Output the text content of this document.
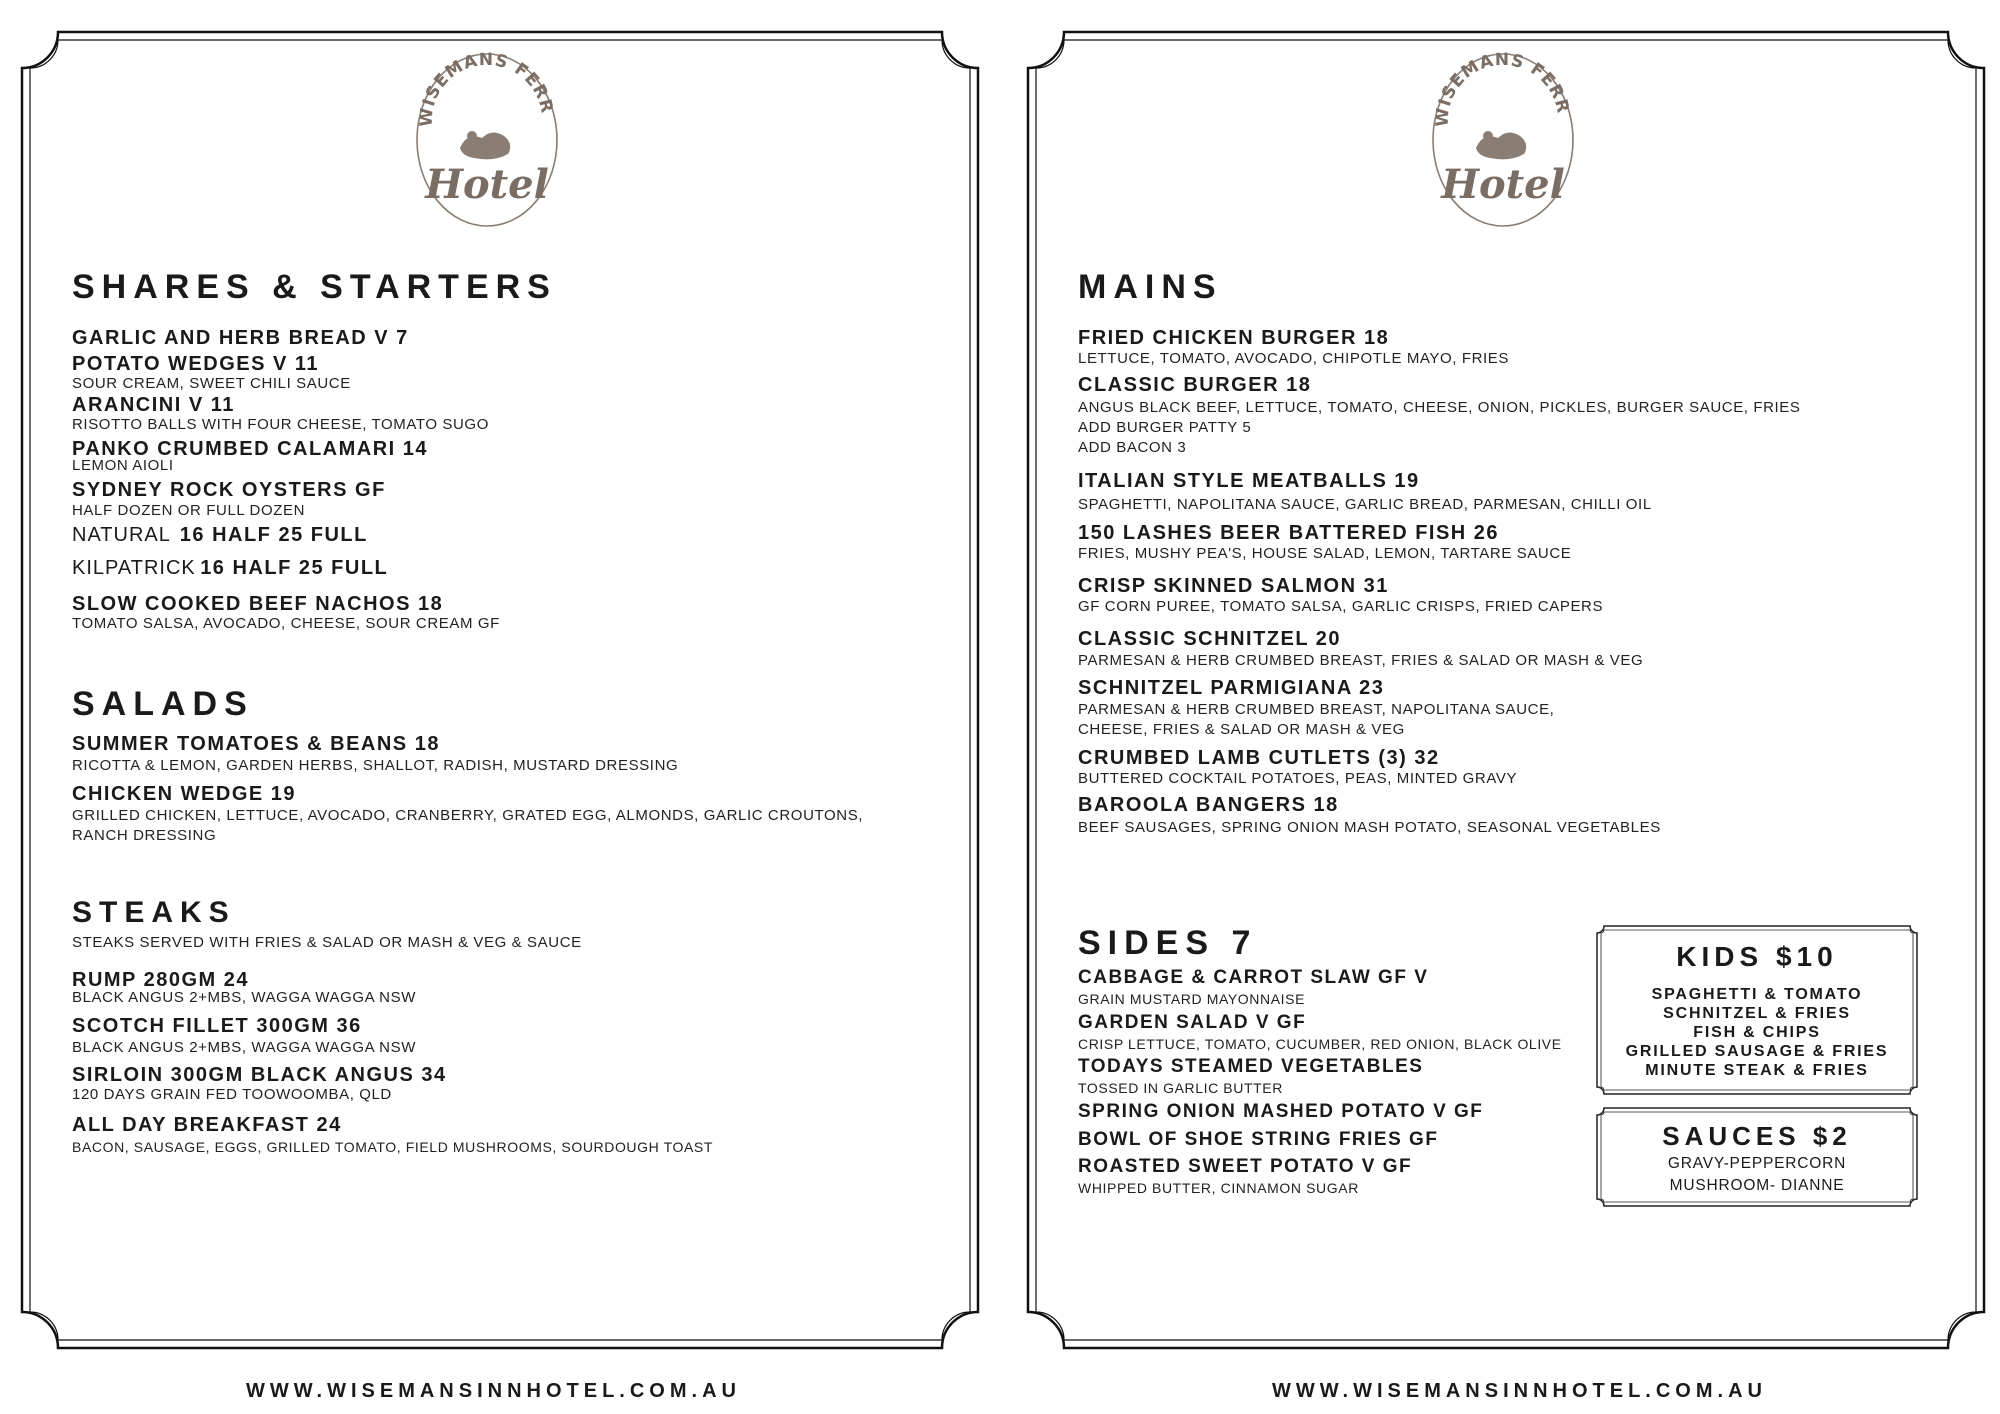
WISEMANS FERR
Hotel
SHARES & STARTERS
GARLIC AND HERB BREAD V 7
POTATO WEDGES V 11
SOUR CREAM, SWEET CHILI SAUCE
ARANCINI V 11
RISOTTO BALLS WITH FOUR CHEESE, TOMATO SUGO
PANKO CRUMBED CALAMARI 14
LEMON AIOLI
SYDNEY ROCK OYSTERS GF
HALF DOZEN OR FULL DOZEN
NATURAL 16 HALF 25 FULL
KILPATRICK 16 HALF 25 FULL
SLOW COOKED BEEF NACHOS 18
TOMATO SALSA, AVOCADO, CHEESE, SOUR CREAM GF
SALADS
SUMMER TOMATOES & BEANS 18
RICOTTA & LEMON, GARDEN HERBS, SHALLOT, RADISH, MUSTARD DRESSING
CHICKEN WEDGE 19
GRILLED CHICKEN, LETTUCE, AVOCADO, CRANBERRY, GRATED EGG, ALMONDS, GARLIC CROUTONS,
RANCH DRESSING
STEAKS
STEAKS SERVED WITH FRIES & SALAD OR MASH & VEG & SAUCE
RUMP 280GM 24
BLACK ANGUS 2+MBS, WAGGA WAGGA NSW
SCOTCH FILLET 300GM 36
BLACK ANGUS 2+MBS, WAGGA WAGGA NSW
SIRLOIN 300GM BLACK ANGUS 34
120 DAYS GRAIN FED TOOWOOMBA, QLD
ALL DAY BREAKFAST 24
BACON, SAUSAGE, EGGS, GRILLED TOMATO, FIELD MUSHROOMS, SOURDOUGH TOAST
WISEMANS FERR
Hotel
MAINS
FRIED CHICKEN BURGER 18
LETTUCE, TOMATO, AVOCADO, CHIPOTLE MAYO, FRIES
CLASSIC BURGER 18
ANGUS BLACK BEEF, LETTUCE, TOMATO, CHEESE, ONION, PICKLES, BURGER SAUCE, FRIES
ADD BURGER PATTY 5
ADD BACON 3
ITALIAN STYLE MEATBALLS 19
SPAGHETTI, NAPOLITANA SAUCE, GARLIC BREAD, PARMESAN, CHILLI OIL
150 LASHES BEER BATTERED FISH 26
FRIES, MUSHY PEA'S, HOUSE SALAD, LEMON, TARTARE SAUCE
CRISP SKINNED SALMON 31
GF CORN PUREE, TOMATO SALSA, GARLIC CRISPS, FRIED CAPERS
CLASSIC SCHNITZEL 20
PARMESAN & HERB CRUMBED BREAST, FRIES & SALAD OR MASH & VEG
SCHNITZEL PARMIGIANA 23
PARMESAN & HERB CRUMBED BREAST, NAPOLITANA SAUCE,
CHEESE, FRIES & SALAD OR MASH & VEG
CRUMBED LAMB CUTLETS (3) 32
BUTTERED COCKTAIL POTATOES, PEAS, MINTED GRAVY
BAROOLA BANGERS 18
BEEF SAUSAGES, SPRING ONION MASH POTATO, SEASONAL VEGETABLES
SIDES 7
CABBAGE & CARROT SLAW GF V
GRAIN MUSTARD MAYONNAISE
GARDEN SALAD V GF
CRISP LETTUCE, TOMATO, CUCUMBER, RED ONION, BLACK OLIVE
TODAYS STEAMED VEGETABLES
TOSSED IN GARLIC BUTTER
SPRING ONION MASHED POTATO V GF
BOWL OF SHOE STRING FRIES GF
ROASTED SWEET POTATO V GF
WHIPPED BUTTER, CINNAMON SUGAR
KIDS $10
SPAGHETTI & TOMATO
SCHNITZEL & FRIES
FISH & CHIPS
GRILLED SAUSAGE & FRIES
MINUTE STEAK & FRIES
SAUCES $2
GRAVY-PEPPERCORN
MUSHROOM- DIANNE
WWW.WISEMANSINNHOTEL.COM.AU	WWW.WISEMANSINNHOTEL.COM.AU
